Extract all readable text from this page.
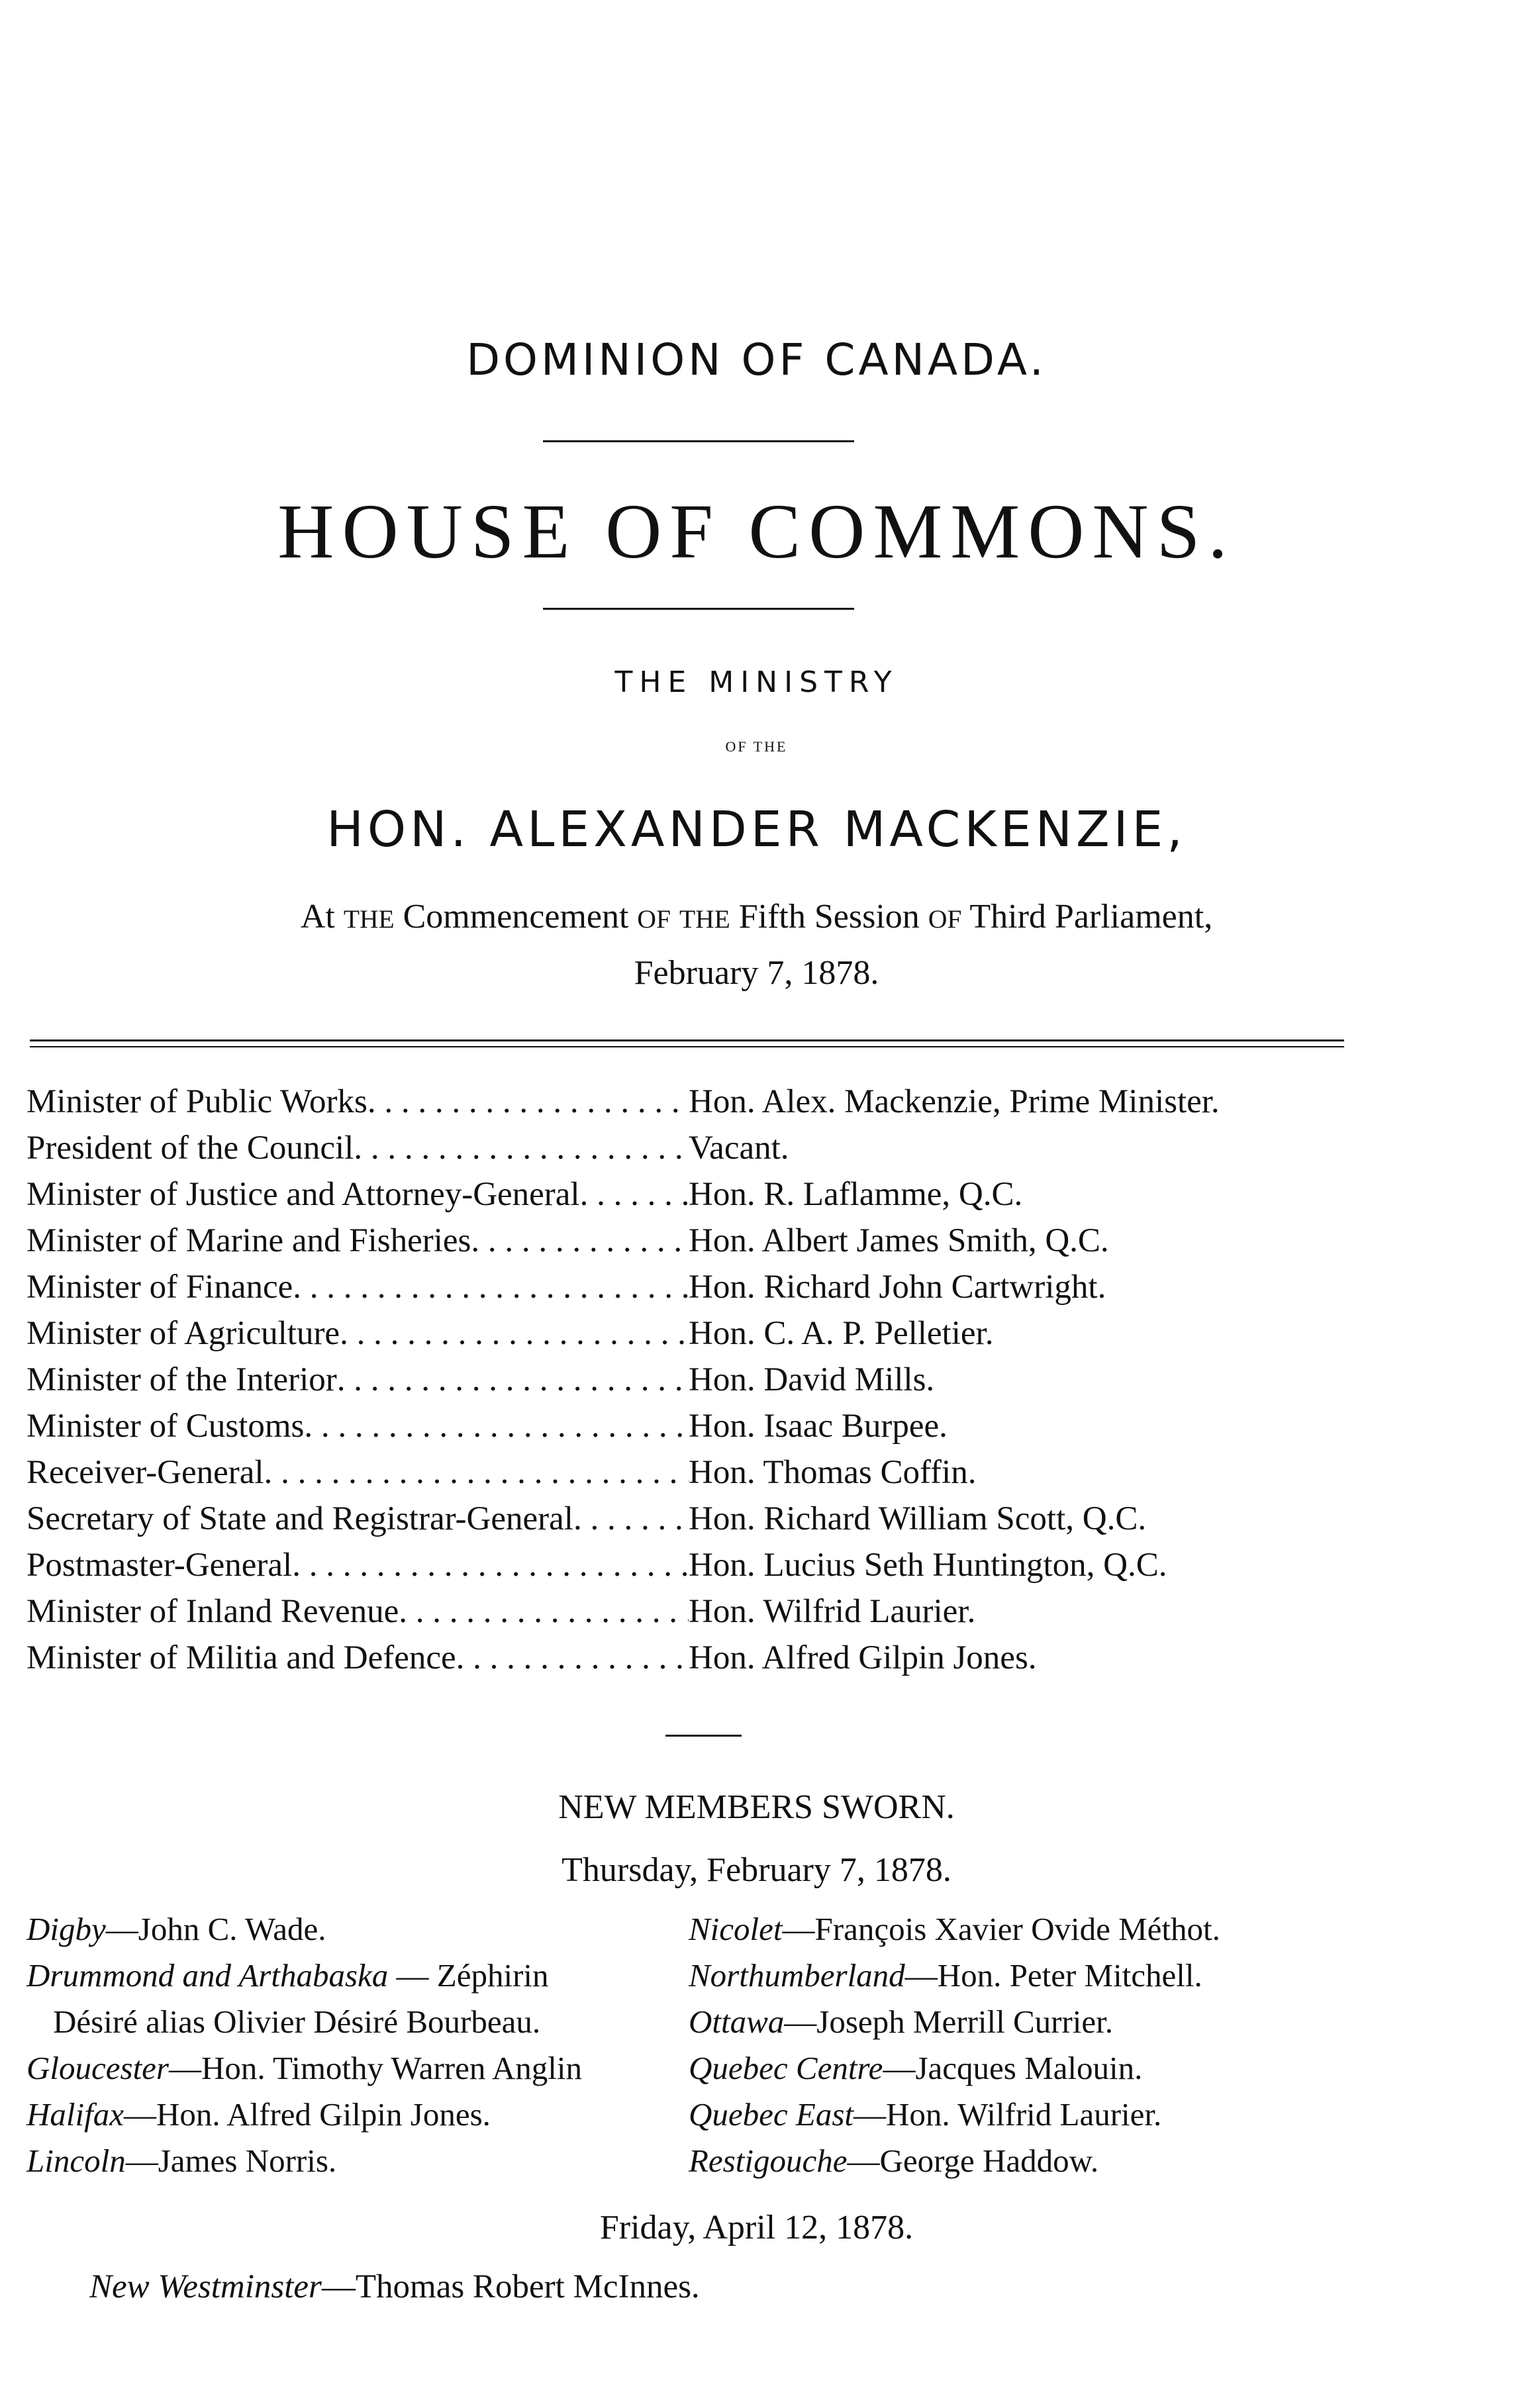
DOMINION OF CANADA.
HOUSE OF COMMONS.
THE MINISTRY
OF THE
HON. ALEXANDER MACKENZIE,
At THE Commencement OF THE Fifth Session OF Third Parliament,
February 7, 1878.
Minister of Public Works . . .	Hon. Alex. Mackenzie, Prime Minister.
President of the Council . . .	Vacant.
Minister of Justice and Attorney-General . . .	Hon. R. Laflamme, Q.C.
Minister of Marine and Fisheries . . .	Hon. Albert James Smith, Q.C.
Minister of Finance . . .	Hon. Richard John Cartwright.
Minister of Agriculture . . .	Hon. C. A. P. Pelletier.
Minister of the Interior . . .	Hon. David Mills.
Minister of Customs . . .	Hon. Isaac Burpee.
Receiver-General . . .	Hon. Thomas Coffin.
Secretary of State and Registrar-General . . .	Hon. Richard William Scott, Q.C.
Postmaster-General . . .	Hon. Lucius Seth Huntington, Q.C.
Minister of Inland Revenue . . .	Hon. Wilfrid Laurier.
Minister of Militia and Defence . . .	Hon. Alfred Gilpin Jones.
NEW MEMBERS SWORN.
Thursday, February 7, 1878.
Digby—John C. Wade.
Drummond and Arthabaska — Zéphirin
Désiré alias Olivier Désiré Bourbeau.
Gloucester—Hon. Timothy Warren Anglin
Halifax—Hon. Alfred Gilpin Jones.
Lincoln—James Norris.
Nicolet—François Xavier Ovide Méthot.
Northumberland—Hon. Peter Mitchell.
Ottawa—Joseph Merrill Currier.
Quebec Centre—Jacques Malouin.
Quebec East—Hon. Wilfrid Laurier.
Restigouche—George Haddow.
Friday, April 12, 1878.
New Westminster—Thomas Robert McInnes.
